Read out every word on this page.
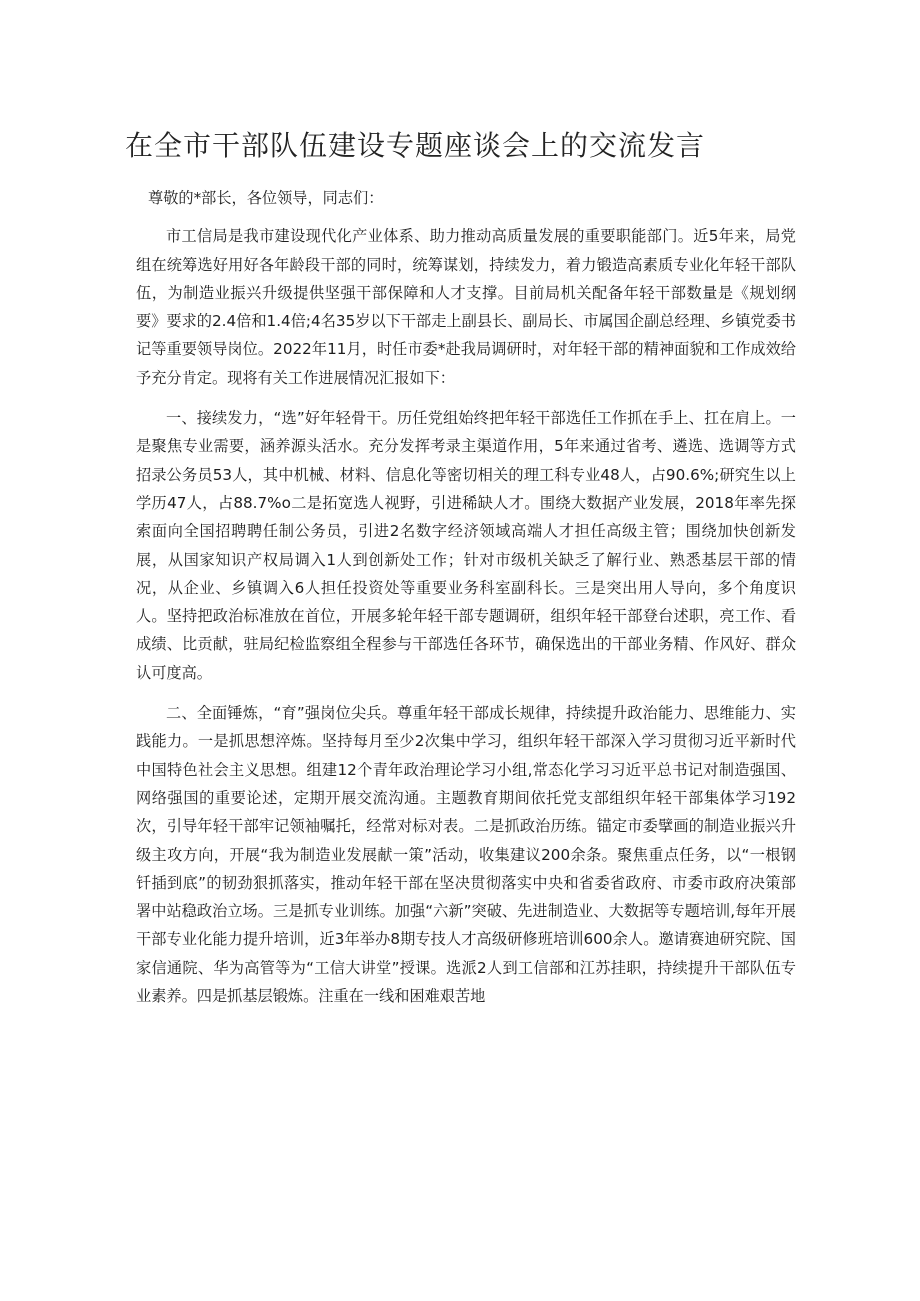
在全市干部队伍建设专题座谈会上的交流发言

尊敬的*部长，各位领导，同志们：

市工信局是我市建设现代化产业体系、助力推动高质量发展的重要职能部门。近5年来，局党组在统筹选好用好各年龄段干部的同时，统筹谋划，持续发力，着力锻造高素质专业化年轻干部队伍，为制造业振兴升级提供坚强干部保障和人才支撑。目前局机关配备年轻干部数量是《规划纲要》要求的2.4倍和1.4倍;4名35岁以下干部走上副县长、副局长、市属国企副总经理、乡镇党委书记等重要领导岗位。2022年11月，时任市委*赴我局调研时，对年轻干部的精神面貌和工作成效给予充分肯定。现将有关工作进展情况汇报如下：

一、接续发力，“选”好年轻骨干。历任党组始终把年轻干部选任工作抓在手上、扛在肩上。一是聚焦专业需要，涵养源头活水。充分发挥考录主渠道作用，5年来通过省考、遴选、选调等方式招录公务员53人，其中机械、材料、信息化等密切相关的理工科专业48人，占90.6%;研究生以上学历47人，占88.7%o二是拓宽选人视野，引进稀缺人才。围绕大数据产业发展，2018年率先探索面向全国招聘聘任制公务员，引进2名数字经济领域高端人才担任高级主管；围绕加快创新发展，从国家知识产权局调入1人到创新处工作；针对市级机关缺乏了解行业、熟悉基层干部的情况，从企业、乡镇调入6人担任投资处等重要业务科室副科长。三是突出用人导向，多个角度识人。坚持把政治标准放在首位，开展多轮年轻干部专题调研，组织年轻干部登台述职，亮工作、看成绩、比贡献，驻局纪检监察组全程参与干部选任各环节，确保选出的干部业务精、作风好、群众认可度高。

二、全面锤炼，“育”强岗位尖兵。尊重年轻干部成长规律，持续提升政治能力、思维能力、实践能力。一是抓思想淬炼。坚持每月至少2次集中学习，组织年轻干部深入学习贯彻习近平新时代中国特色社会主义思想。组建12个青年政治理论学习小组,常态化学习习近平总书记对制造强国、网络强国的重要论述，定期开展交流沟通。主题教育期间依托党支部组织年轻干部集体学习192次，引导年轻干部牢记领袖嘱托，经常对标对表。二是抓政治历练。锚定市委擘画的制造业振兴升级主攻方向，开展“我为制造业发展献一策”活动，收集建议200余条。聚焦重点任务，以“一根钢钎插到底”的韧劲狠抓落实，推动年轻干部在坚决贯彻落实中央和省委省政府、市委市政府决策部署中站稳政治立场。三是抓专业训练。加强“六新”突破、先进制造业、大数据等专题培训,每年开展干部专业化能力提升培训，近3年举办8期专技人才高级研修班培训600余人。邀请赛迪研究院、国家信通院、华为高管等为“工信大讲堂”授课。选派2人到工信部和江苏挂职，持续提升干部队伍专业素养。四是抓基层锻炼。注重在一线和困难艰苦地
